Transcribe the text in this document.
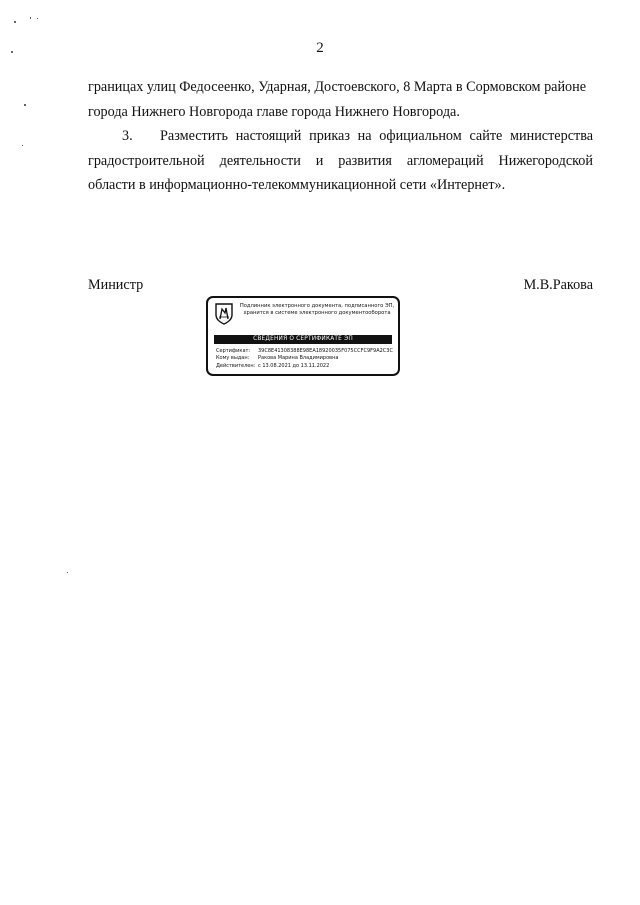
2
границах улиц Федосеенко, Ударная, Достоевского, 8 Марта в Сормовском районе
города Нижнего Новгорода главе города Нижнего Новгорода.
3. Разместить настоящий приказ на официальном сайте министерства
градостроительной деятельности и развития агломераций Нижегородской
области в информационно-телекоммуникационной сети «Интернет».
Министр	М.В.Ракова
Подлинник электронного документа, подписанного ЭП,
хранится в системе электронного документооборота
СВЕДЕНИЯ О СЕРТИФИКАТЕ ЭП
Сертификат: 39C8E41308388E98EA18920035F075CCFC9F9A2C3C
Кому выдан: Ракова Марина Владимировна
Действителен: с 13.08.2021 до 13.11.2022
